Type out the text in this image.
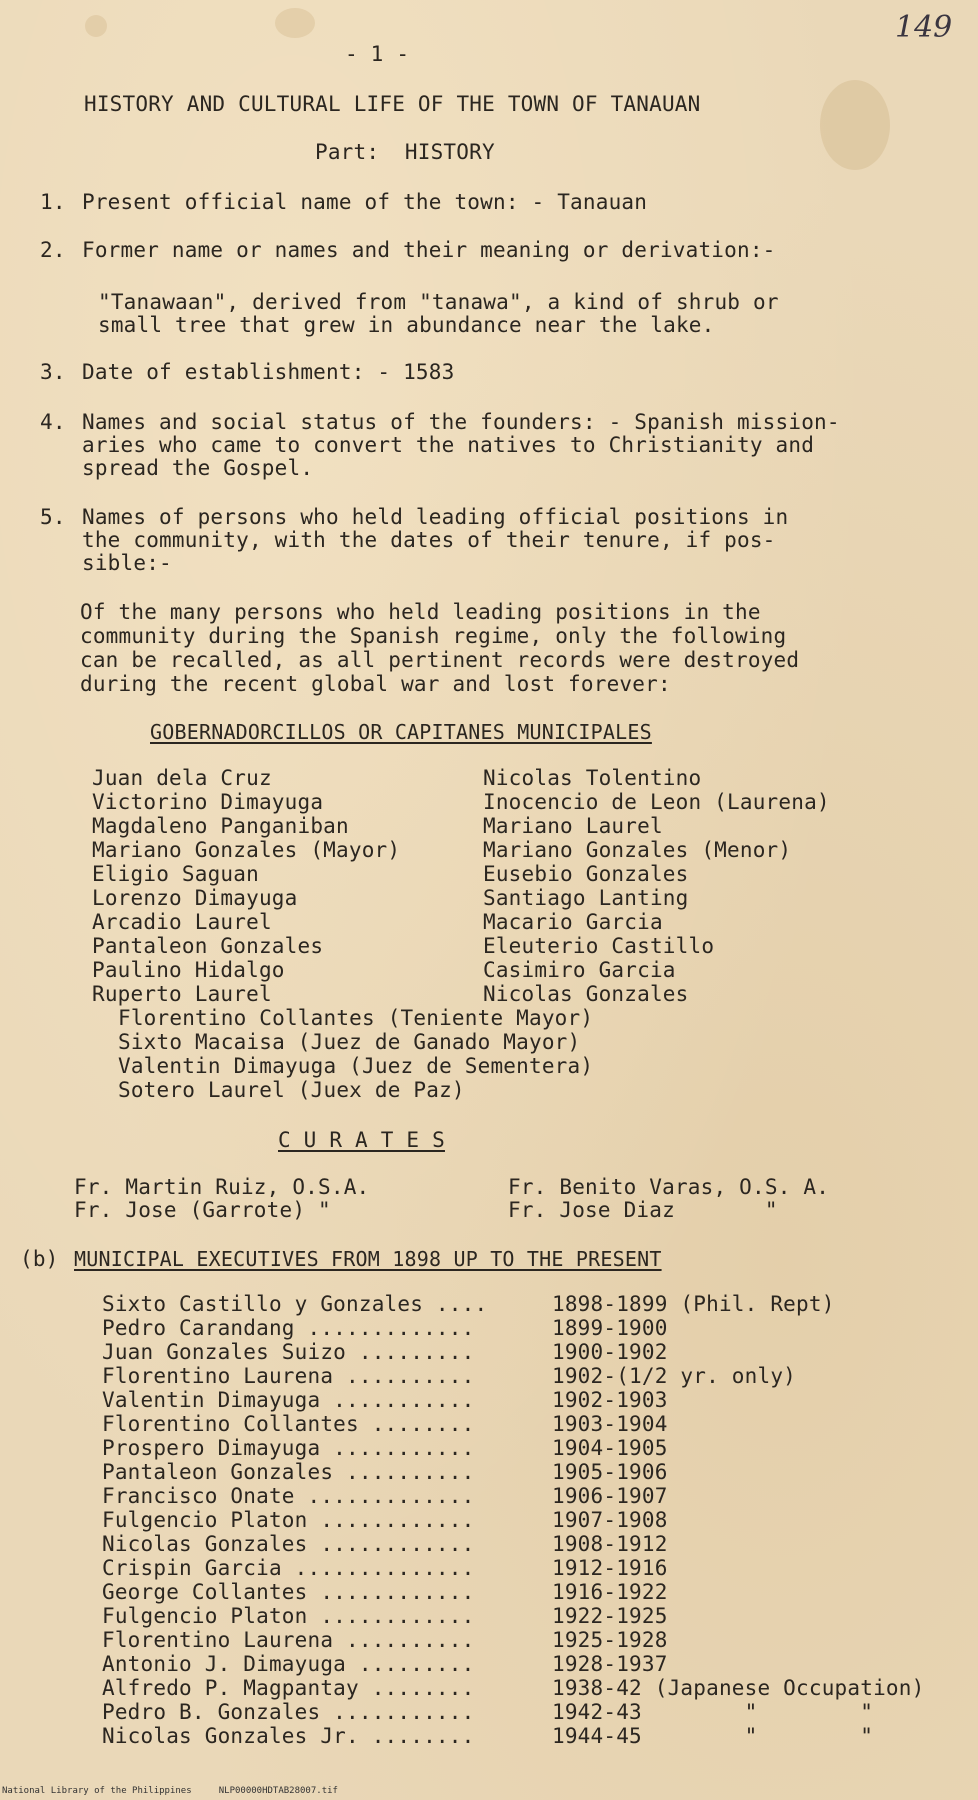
- 1 -
149
HISTORY AND CULTURAL LIFE OF THE TOWN OF TANAUAN
Part:  HISTORY
1. Present official name of the town: - Tanauan
2. Former name or names and their meaning or derivation:-
"Tanawaan", derived from "tanawa", a kind of shrub or
small tree that grew in abundance near the lake.
3. Date of establishment: - 1583
4. Names and social status of the founders: - Spanish mission-
aries who came to convert the natives to Christianity and
spread the Gospel.
5. Names of persons who held leading official positions in
the community, with the dates of their tenure, if pos-
sible:-
Of the many persons who held leading positions in the
community during the Spanish regime, only the following
can be recalled, as all pertinent records were destroyed
during the recent global war and lost forever:
GOBERNADORCILLOS OR CAPITANES MUNICIPALES
Juan dela Cruz
Victorino Dimayuga
Magdaleno Panganiban
Mariano Gonzales (Mayor)
Eligio Saguan
Lorenzo Dimayuga
Arcadio Laurel
Pantaleon Gonzales
Paulino Hidalgo
Ruperto Laurel
Nicolas Tolentino
Inocencio de Leon (Laurena)
Mariano Laurel
Mariano Gonzales (Menor)
Eusebio Gonzales
Santiago Lanting
Macario Garcia
Eleuterio Castillo
Casimiro Garcia
Nicolas Gonzales
Florentino Collantes (Teniente Mayor)
Sixto Macaisa (Juez de Ganado Mayor)
Valentin Dimayuga (Juez de Sementera)
Sotero Laurel (Juex de Paz)
C U R A T E S
Fr. Martin Ruiz, O.S.A.
Fr. Jose (Garrote) "
Fr. Benito Varas, O.S. A.
Fr. Jose Diaz       "
(b) MUNICIPAL EXECUTIVES FROM 1898 UP TO THE PRESENT
Sixto Castillo y Gonzales ....
Pedro Carandang .............
Juan Gonzales Suizo .........
Florentino Laurena ..........
Valentin Dimayuga ...........
Florentino Collantes ........
Prospero Dimayuga ...........
Pantaleon Gonzales ..........
Francisco Onate .............
Fulgencio Platon ............
Nicolas Gonzales ............
Crispin Garcia ..............
George Collantes ............
Fulgencio Platon ............
Florentino Laurena ..........
Antonio J. Dimayuga .........
Alfredo P. Magpantay ........
Pedro B. Gonzales ...........
Nicolas Gonzales Jr. ........
1898-1899 (Phil. Rept)
1899-1900
1900-1902
1902-(1/2 yr. only)
1902-1903
1903-1904
1904-1905
1905-1906
1906-1907
1907-1908
1908-1912
1912-1916
1916-1922
1922-1925
1925-1928
1928-1937
1938-42 (Japanese Occupation)
1942-43        "        "
1944-45        "        "
National Library of the Philippines     NLP00000HDTAB28007.tif
